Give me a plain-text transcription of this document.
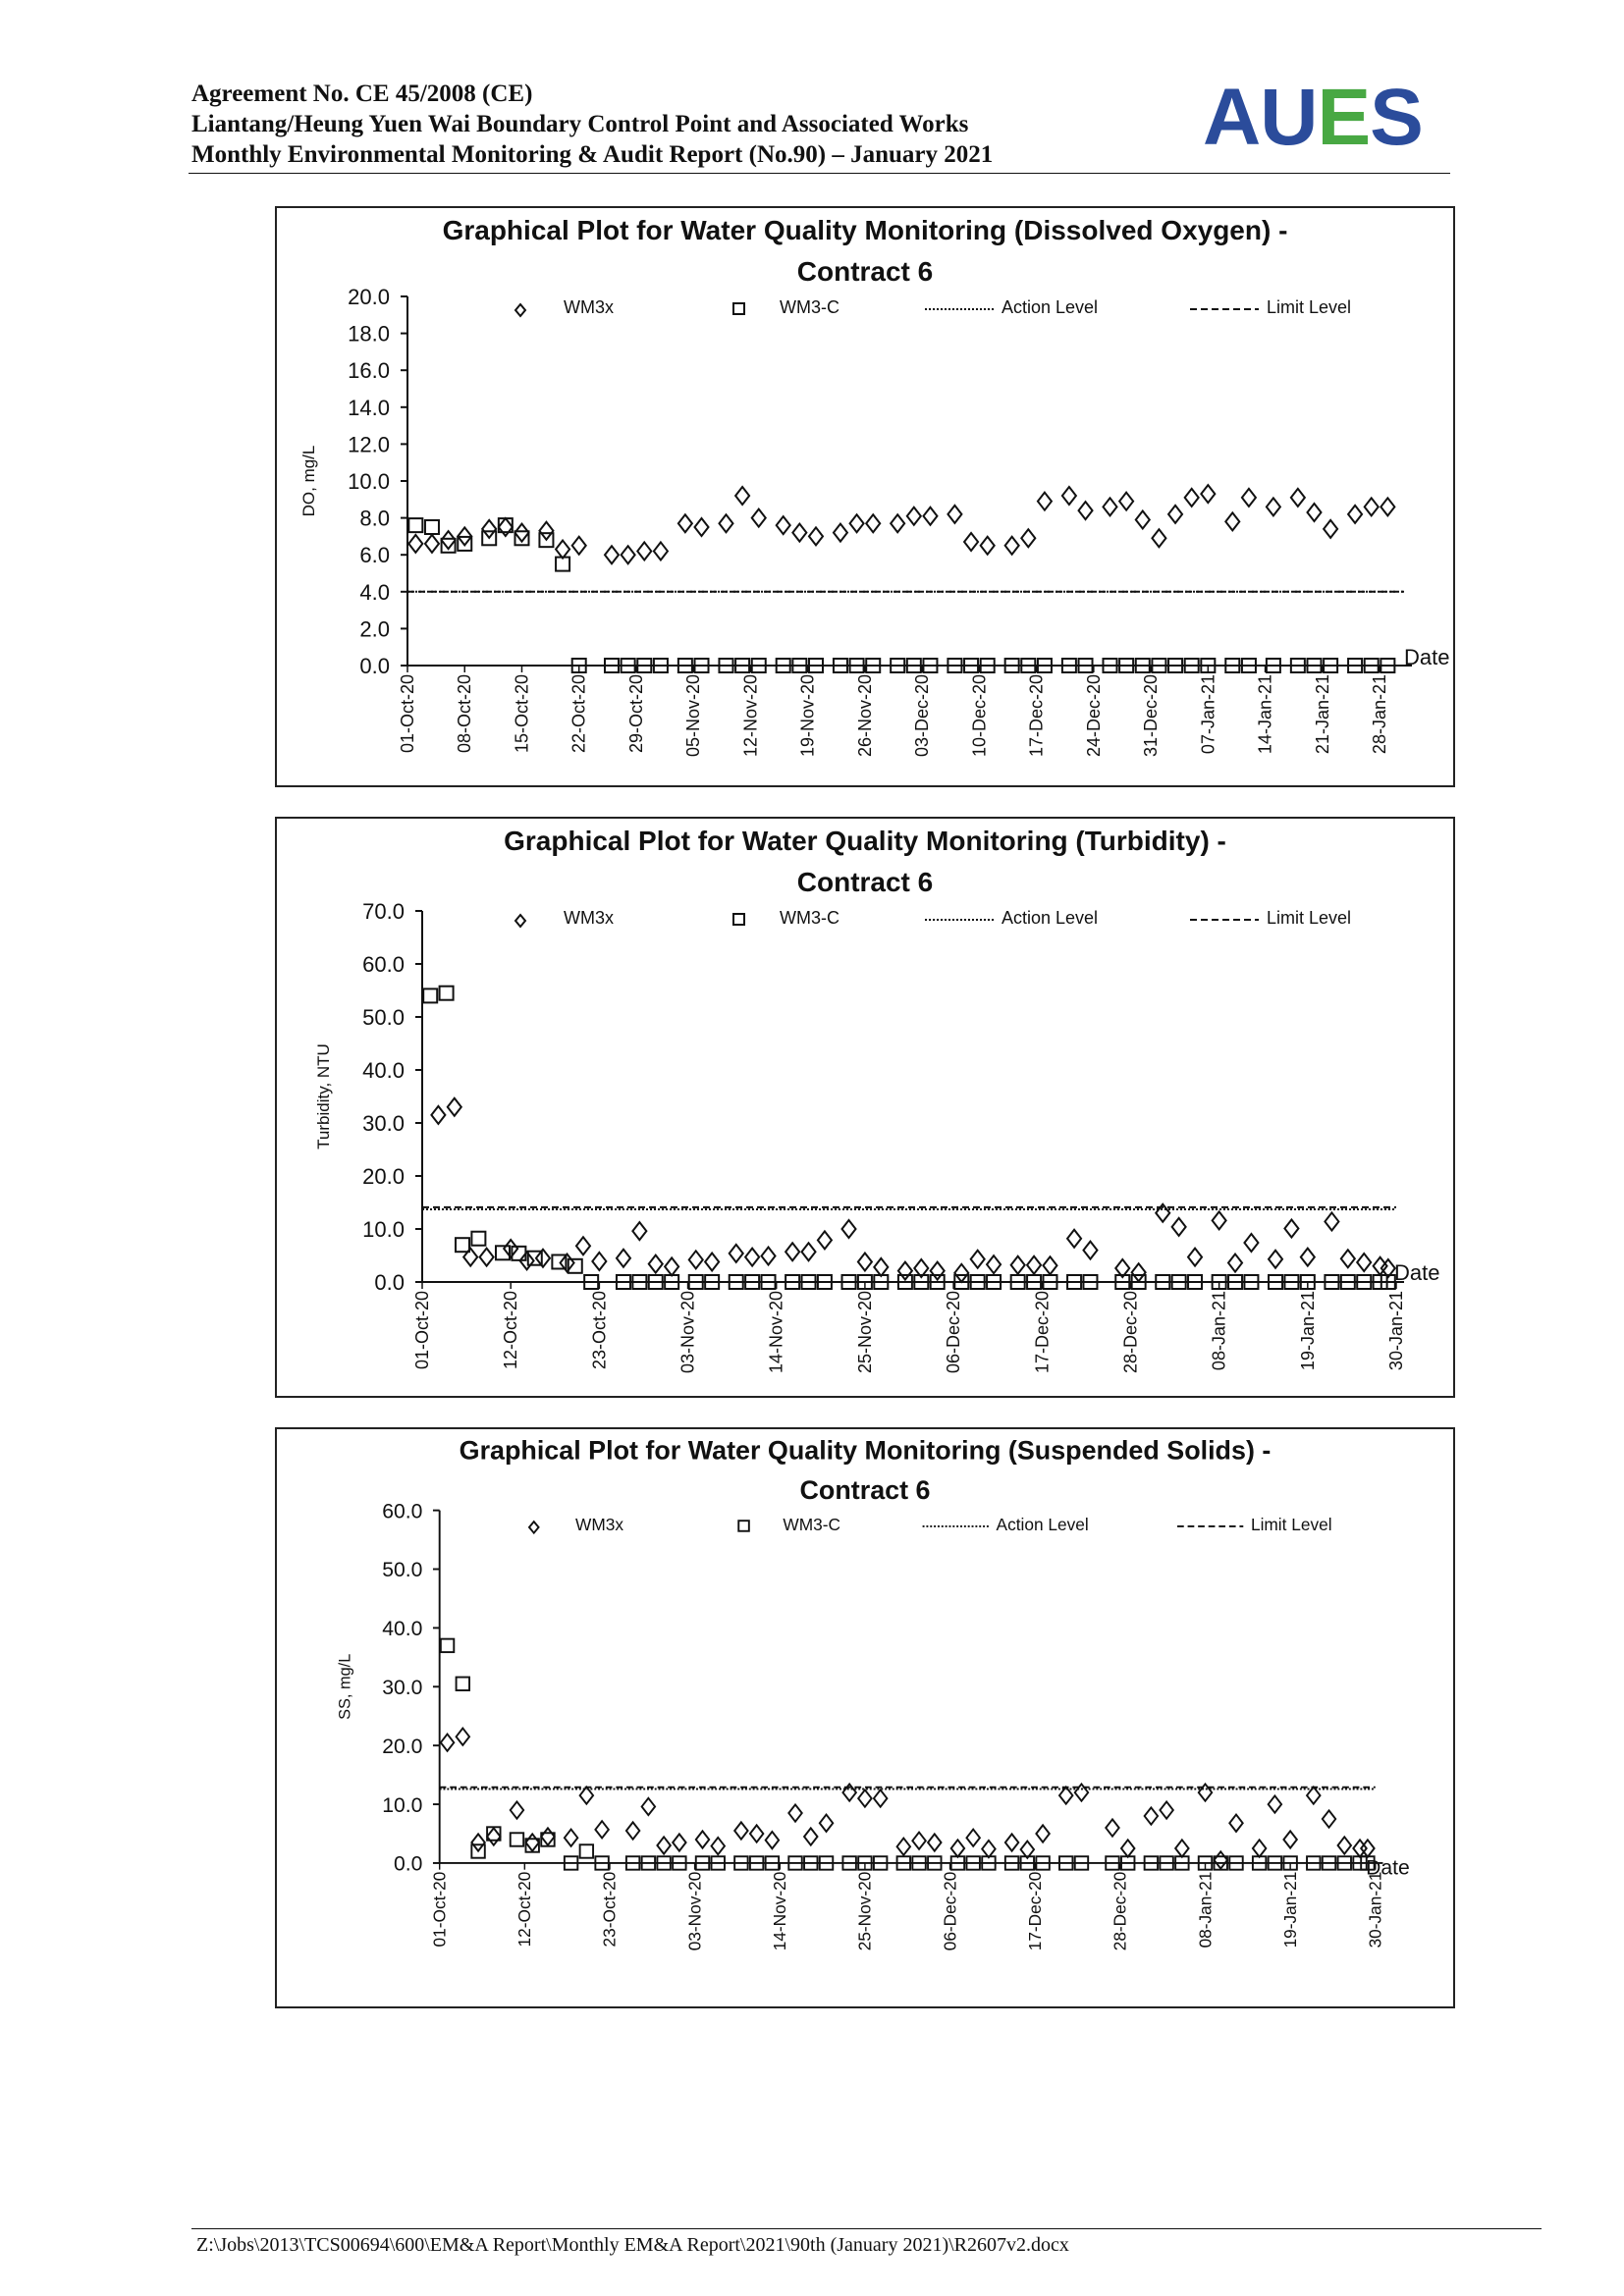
Agreement No. CE 45/2008 (CE)
Liantang/Heung Yuen Wai Boundary Control Point and Associated Works
Monthly Environmental Monitoring & Audit Report (No.90) – January 2021	AUES
Graphical Plot for Water Quality Monitoring (Dissolved Oxygen) -
Contract 6
DO, mg/L
0.0
2.0
4.0
6.0
8.0
10.0
12.0
14.0
16.0
18.0
20.0
01-Oct-20 08-Oct-20 15-Oct-20 22-Oct-20 29-Oct-20 05-Nov-20 12-Nov-20 19-Nov-20 26-Nov-20 03-Dec-20 10-Dec-20 17-Dec-20 24-Dec-20 31-Dec-20 07-Jan-21 14-Jan-21 21-Jan-21 28-Jan-21
Date
WM3x	WM3-C	Action Level	Limit Level
Graphical Plot for Water Quality Monitoring (Turbidity) -
Contract 6
Turbidity, NTU
0.0
10.0
20.0
30.0
40.0
50.0
60.0
70.0
01-Oct-20	12-Oct-20	23-Oct-20	03-Nov-20	14-Nov-20	25-Nov-20	06-Dec-20	17-Dec-20	28-Dec-20	08-Jan-21	19-Jan-21	30-Jan-21
Date
WM3x	WM3-C	Action Level	Limit Level
Graphical Plot for Water Quality Monitoring (Suspended Solids) -
Contract 6
SS, mg/L
0.0
10.0
20.0
30.0
40.0
50.0
60.0
01-Oct-20	12-Oct-20	23-Oct-20	03-Nov-20	14-Nov-20	25-Nov-20	06-Dec-20	17-Dec-20	28-Dec-20	08-Jan-21	19-Jan-21	30-Jan-21
Date
WM3x	WM3-C	Action Level	Limit Level
Z:\Jobs\2013\TCS00694\600\EM&A Report\Monthly EM&A Report\2021\90th (January 2021)\R2607v2.docx
